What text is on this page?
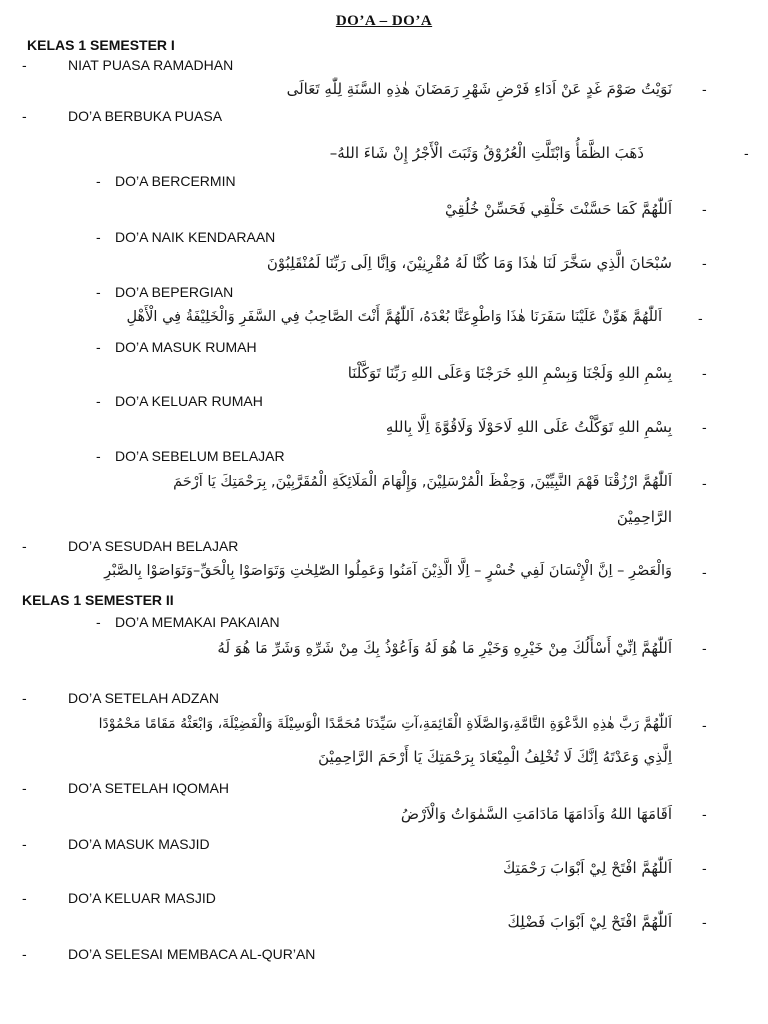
DO’A – DO’A
KELAS 1 SEMESTER I
-	NIAT PUASA RAMADHAN
نَوَيْتُ صَوْمَ غَدٍ عَنْ اَدَاءِ فَرْضِ شَهْرِ رَمَضَانَ هٰذِهِ السَّنَةِ لِلّٰهِ تَعَالَى -
-	DO’A BERBUKA PUASA
ذَهَبَ الظَّمَأُ وَابْتَلَّتِ الْعُرُوْقُ وَثَبَتَ الْأَجْرُ إِنْ شَاءَ اللهُ–	-
- DO’A BERCERMIN
اَللّٰهُمَّ كَمَا حَسَّنْتَ خَلْقِي فَحَسِّنْ خُلُقِيْ -
- DO’A NAIK KENDARAAN
سُبْحَانَ الَّذِي سَخَّرَ لَنَا هٰذَا وَمَا كُنَّا لَهُ مُقْرِنِيْنَ، وَاِنَّا اِلَى رَبِّنَا لَمُنْقَلِبُوْنَ -
- DO’A BEPERGIAN
اَللّٰهُمَّ هَوِّنْ عَلَيْنَا سَفَرَنَا هٰذَا وَاطْوِعَنَّا بُعْدَهُ، اَللّٰهُمَّ أَنْتَ الصَّاحِبُ فِي السَّفَرِ وَالْخَلِيْفَةُ فِي الْأَهْلِ	-
- DO’A MASUK RUMAH
بِسْمِ اللهِ وَلَجْنَا وَبِسْمِ اللهِ خَرَجْنَا وَعَلَى اللهِ رَبِّنَا تَوَكَّلْنَا -
- DO’A KELUAR RUMAH
بِسْمِ اللهِ تَوَكَّلْتُ عَلَى اللهِ لَاحَوْلَا وَلَاقُوَّةَ اِلَّا بِاللهِ -
- DO’A SEBELUM BELAJAR
اَللّٰهُمَّ ارْزُقْنَا فَهْمَ النَّبِيِّيْنَ, وَحِفْظَ الْمُرْسَلِيْنَ, وَإِلْهَامَ الْمَلَائِكَةِ الْمُقَرَّبِيْنَ, بِرَحْمَتِكَ يَا اَرْحَمَ -
الرَّاحِمِيْنَ
-	DO’A SESUDAH BELAJAR
وَالْعَصْرِ – اِنَّ الْإِنْسَانَ لَفِي خُسْرٍ – اِلَّا الَّذِيْنَ آمَنُوا وَعَمِلُوا الصّٰلِحٰتِ وَتَوَاصَوْا بِالْحَقِّ–وَتَوَاصَوْا بِالصَّبْرِ -
KELAS 1 SEMESTER II
- DO’A MEMAKAI PAKAIAN
اَللّٰهُمَّ اِنِّيْ أَسْأَلُكَ مِنْ خَيْرِهِ وَخَيْرِ مَا هُوَ لَهُ وَاَعُوْذُ بِكَ مِنْ شَرِّهِ وَشَرِّ مَا هُوَ لَهُ -
-	DO’A SETELAH ADZAN
اَللّٰهُمَّ رَبَّ هٰذِهِ الدَّعْوَةِ التَّامَّةِ،وَالصَّلَاةِ الْقَائِمَةِ،آتِ سَيِّدَنَا مُحَمَّدًا الْوَسِيْلَةَ وَالْفَضِيْلَةَ، وَابْعَثْهُ مَقَامًا مَحْمُوْدًا -
اِلَّذِي وَعَدْتَهُ اِنَّكَ لَا تُخْلِفُ الْمِيْعَادَ بِرَحْمَتِكَ يَا أَرْحَمَ الرَّاحِمِيْنَ
-	DO’A SETELAH IQOMAH
اَقَامَهَا اللهُ وَاَدَامَهَا مَادَامَتِ السَّمٰوَاتُ وَالْاَرْضُ -
-	DO’A MASUK MASJID
اَللّٰهُمَّ افْتَحْ لِيْ اَبْوَابَ رَحْمَتِكَ -
-	DO’A KELUAR MASJID
اَللّٰهُمَّ افْتَحْ لِيْ اَبْوَابَ فَضْلِكَ -
-	DO’A SELESAI MEMBACA AL-QUR’AN
